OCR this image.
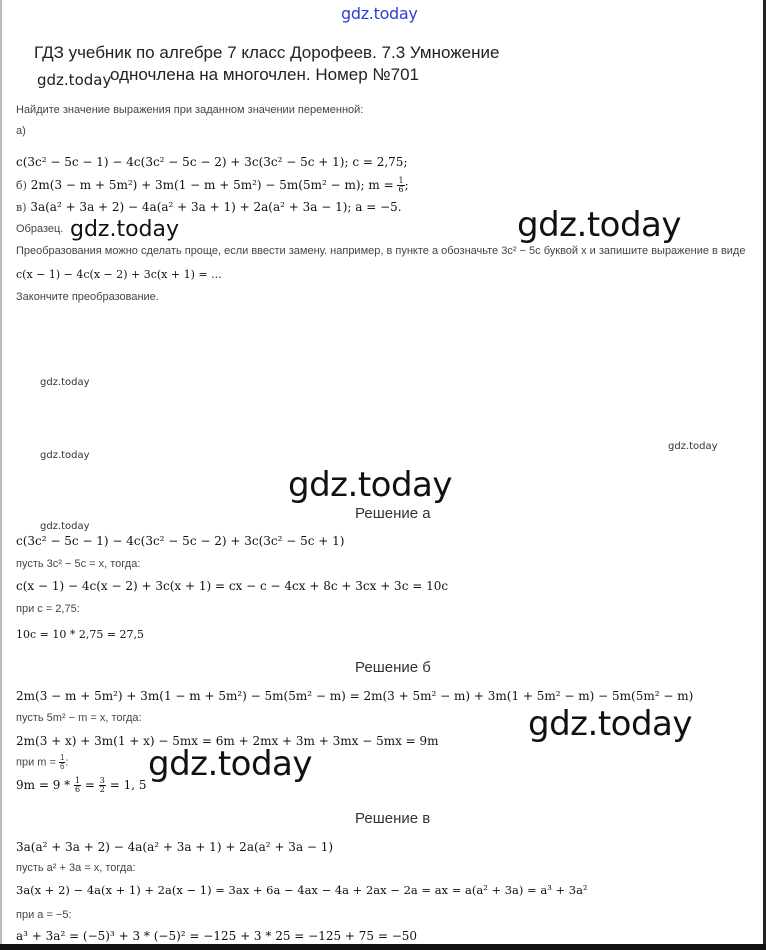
gdz.today
ГДЗ учебник по алгебре 7 класс Дорофеев. 7.3 Умножение
одночлена на многочлен. Номер №701
gdz.today
Найдите значение выражения при заданном значении переменной:
а)
c(3c² − 5c − 1) − 4c(3c² − 5c − 2) + 3c(3c² − 5c + 1); c = 2,75;
б) 2m(3 − m + 5m²) + 3m(1 − m + 5m²) − 5m(5m² − m); $m = \frac{1}{6}$ ;
в) 3a(a² + 3a + 2) − 4a(a² + 3a + 1) + 2a(a² + 3a − 1); a = −5.
Образец. gdz.today	gdz.today
Преобразования можно сделать проще, если ввести замену. например, в пункте a обозначьте 3c² − 5c буквой x и запишите выражение в виде
c(x − 1) − 4c(x − 2) + 3c(x + 1) = ...
Закончите преобразование.
gdz.today
gdz.today
gdz.today
gdz.today
Решение а
gdz.today
c(3c² − 5c − 1) − 4c(3c² − 5c − 2) + 3c(3c² − 5c + 1)
пусть 3c² − 5c = x, тогда:
c(x − 1) − 4c(x − 2) + 3c(x + 1) = cx − c − 4cx + 8c + 3cx + 3c = 10c
при c = 2,75:
10c = 10 * 2,75 = 27,5
Решение б
2m(3 − m + 5m²) + 3m(1 − m + 5m²) − 5m(5m² − m) = 2m(3 + 5m² − m) + 3m(1 + 5m² − m) − 5m(5m² − m)
пусть 5m² − m = x, тогда:	gdz.today
2m(3 + x) + 3m(1 + x) − 5mx = 6m + 2mx + 3m + 3mx − 5mx = 9m
при $m = \frac{1}{6}$ : gdz.today
$9m = 9 * \frac{1}{6} = \frac{3}{2} = 1$, 5
Решение в
3a(a² + 3a + 2) − 4a(a² + 3a + 1) + 2a(a² + 3a − 1)
пусть a² + 3a = x, тогда:
3a(x + 2) − 4a(x + 1) + 2a(x − 1) = 3ax + 6a − 4ax − 4a + 2ax − 2a = ax = a(a² + 3a) = a³ + 3a²
при a = −5:
a³ + 3a² = (−5)³ + 3 * (−5)² = −125 + 3 * 25 = −125 + 75 = −50
